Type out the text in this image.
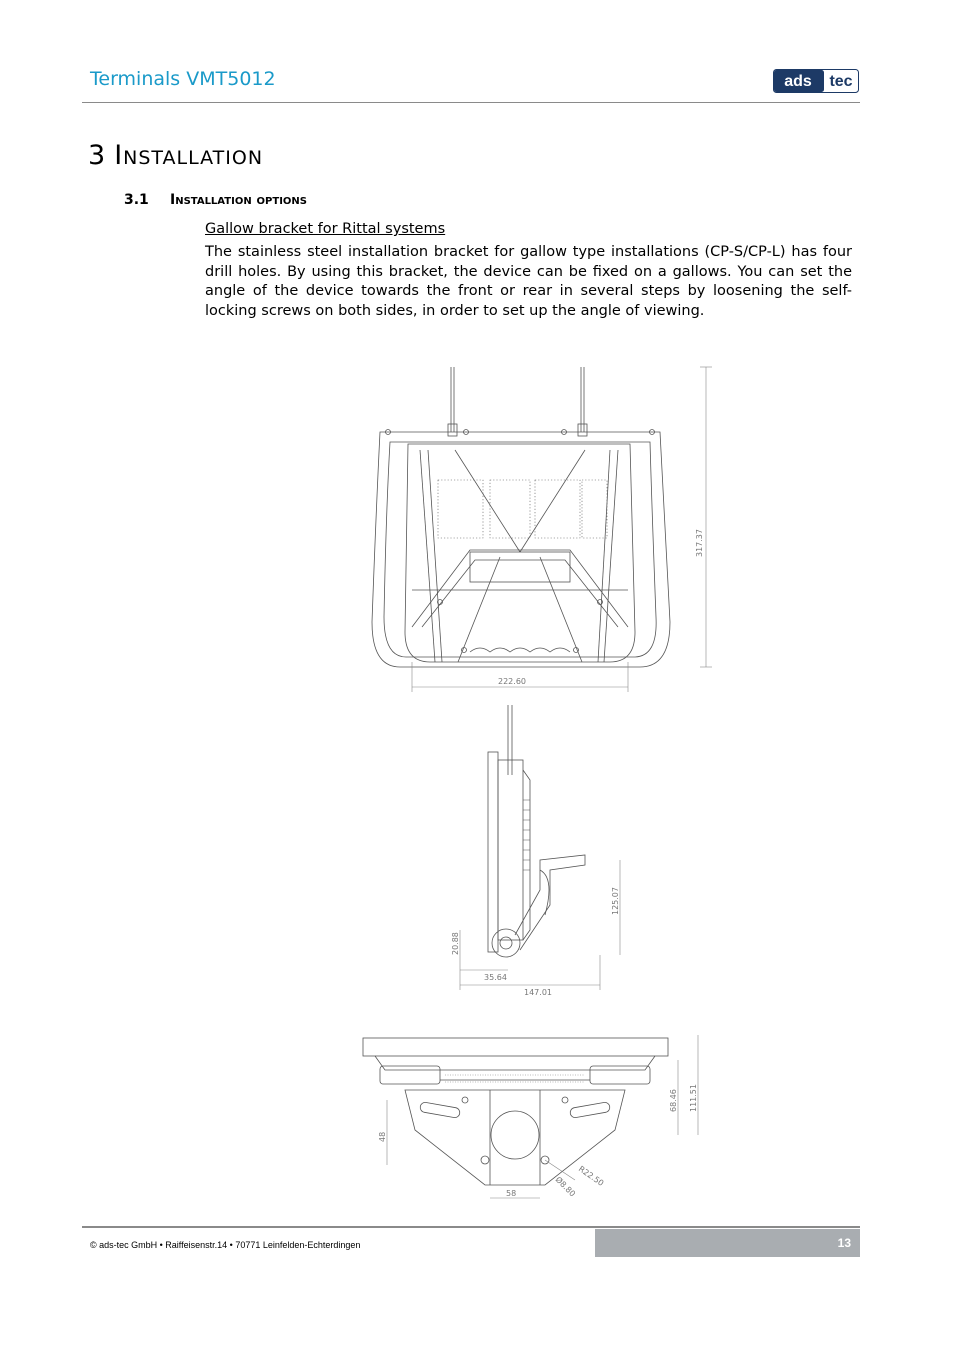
Terminals VMT5012	ads tec
3 Installation
3.1 Installation options
Gallow bracket for Rittal systems
The stainless steel installation bracket for gallow type installations (CP-S/CP-L) has four drill holes. By using this bracket, the device can be fixed on a gallows. You can set the angle of the device towards the front or rear in several steps by loosening the self-locking screws on both sides, in order to set up the angle of viewing.
317.37
222.60
20.88
125.07
35.64
147.01
48
68.46 111.51
R22.50
Ø8.80
58
© ads-tec GmbH • Raiffeisenstr.14 • 70771 Leinfelden-Echterdingen	13
